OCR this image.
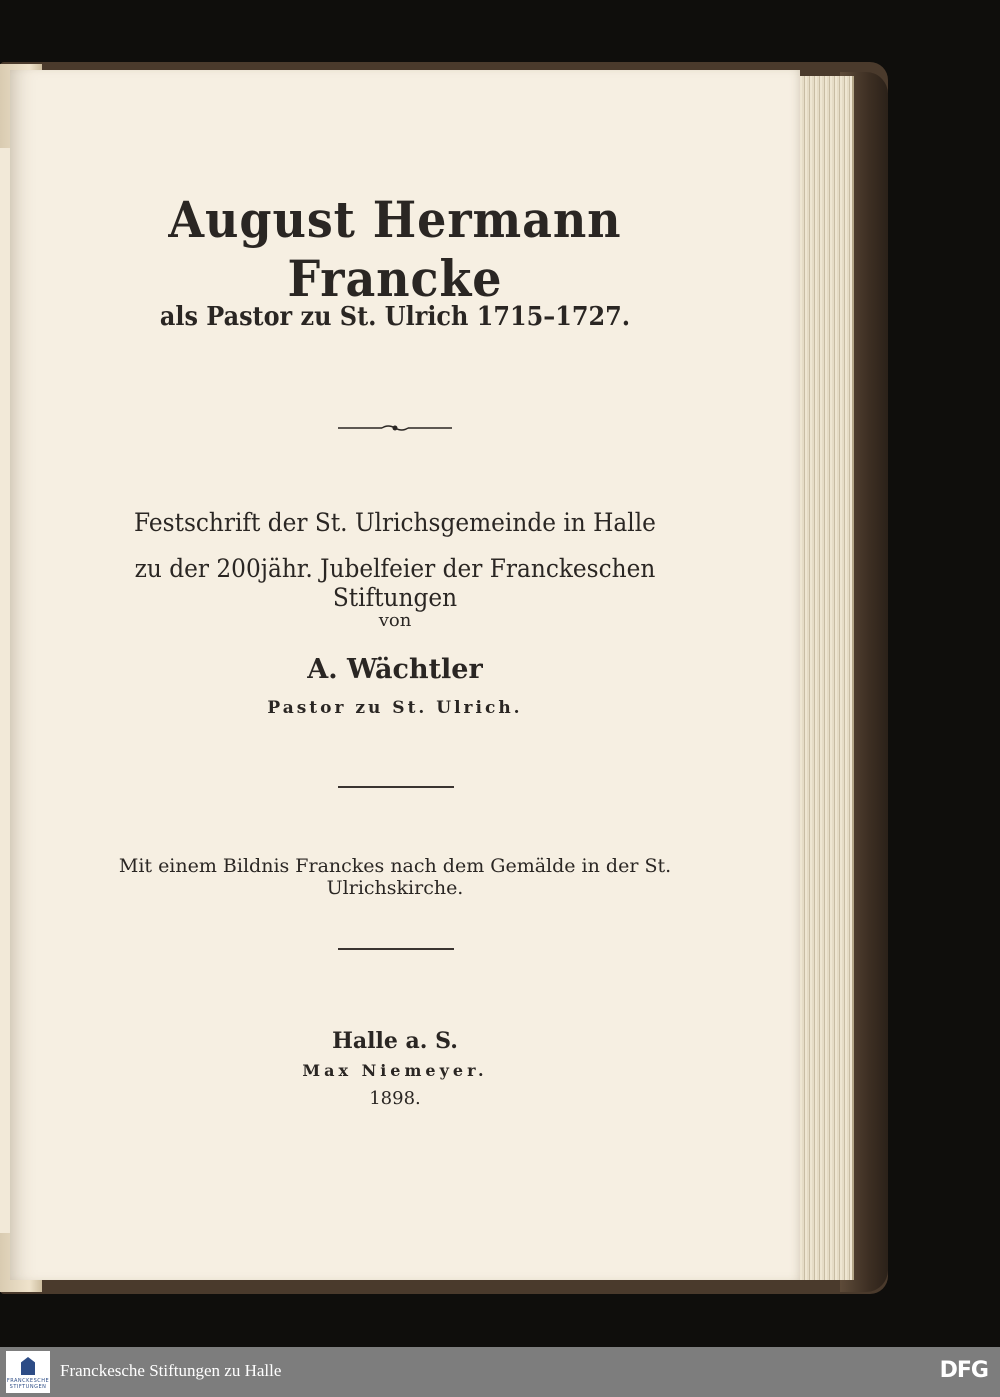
August Hermann Francke
als Pastor zu St. Ulrich 1715–1727.
Festschrift der St. Ulrichsgemeinde in Halle
zu der 200jähr. Jubelfeier der Franckeschen Stiftungen
von
A. Wächtler
Pastor zu St. Ulrich.
Mit einem Bildnis Franckes nach dem Gemälde in der St. Ulrichskirche.
Halle a. S.
Max Niemeyer.
1898.
FRANCKESCHE STIFTUNGEN
Franckesche Stiftungen zu Halle	DFG
